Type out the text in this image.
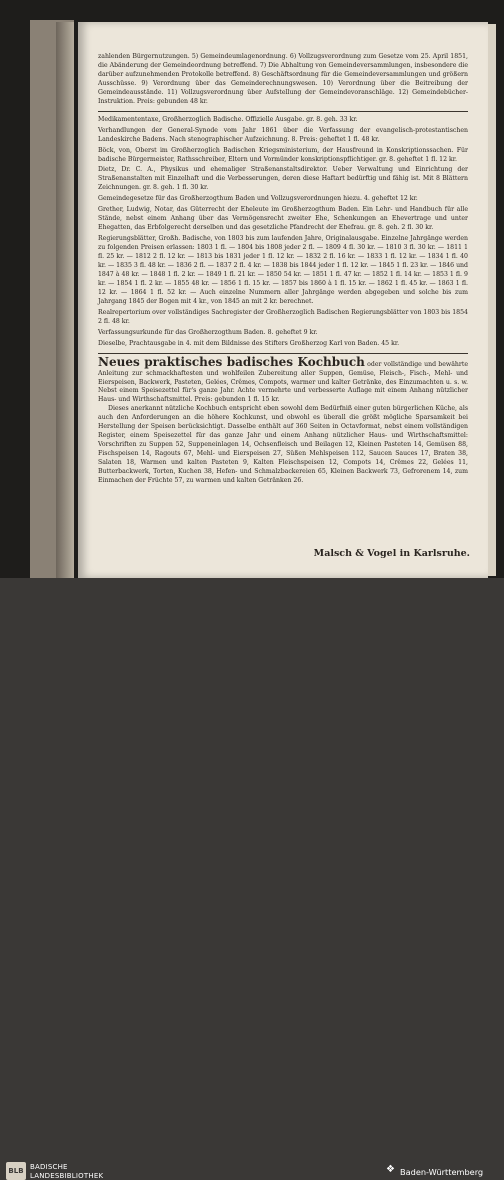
zahlenden Bürgernutzungen. 5) Gemeindeumlagenordnung. 6) Vollzugsverordnung zum Gesetze vom 25. April 1851, die Abänderung der Gemeindeordnung betreffend. 7) Die Abhaltung von Gemeindeversammlungen, insbesondere die darüber aufzunehmenden Protokolle betreffend. 8) Geschäftsordnung für die Gemeindeversammlungen und größern Ausschüsse. 9) Verordnung über das Gemeinderechnungswesen. 10) Verordnung über die Beitreibung der Gemeindeausstände. 11) Vollzugsverordnung über Aufstellung der Gemeindevoranschläge. 12) Gemeindebücher-Instruktion. Preis: gebunden 48 kr.

Medikamententaxe, Großherzoglich Badische. Offizielle Ausgabe. gr. 8. geh. 33 kr.

Verhandlungen der General-Synode vom Jahr 1861 über die Verfassung der evangelisch-protestantischen Landeskirche Badens. Nach stenographischer Aufzeichnung. 8. Preis: geheftet 1 fl. 48 kr.

Böck, von, Oberst im Großherzoglich Badischen Kriegsministerium, der Hausfreund in Konskriptionssachen. Für badische Bürgermeister, Rathsschreiber, Eltern und Vormünder konskriptionspflichtiger. gr. 8. geheftet 1 fl. 12 kr.

Dietz, Dr. C. A., Physikus und ehemaliger Straßenanstaltsdirektor. Ueber Verwaltung und Einrichtung der Straßenanstalten mit Einzelhaft und die Verbesserungen, deren diese Haftart bedürftig und fähig ist. Mit 8 Blättern Zeichnungen. gr. 8. geh. 1 fl. 30 kr.

Gemeindegesetze für das Großherzogthum Baden und Vollzugsverordnungen hiezu. 4. geheftet 12 kr.

Grether, Ludwig, Notar, das Güterrecht der Eheleute im Großherzogthum Baden. Ein Lehr- und Handbuch für alle Stände, nebst einem Anhang über das Vermögensrecht zweiter Ehe, Schenkungen an Ehevertrage und unter Ehegatten, das Erbfolgerecht derselben und das gesetzliche Pfandrecht der Ehefrau. gr. 8. geh. 2 fl. 30 kr.

Regierungsblätter, Großh. Badische, von 1803 bis zum laufenden Jahre, Originalausgabe. Einzelne Jahrgänge werden zu folgenden Preisen erlassen: 1803 1 fl. — 1804 bis 1808 jeder 2 fl. — 1809 4 fl. 30 kr. — 1810 3 fl. 30 kr. — 1811 1 fl. 25 kr. — 1812 2 fl. 12 kr. — 1813 bis 1831 jeder 1 fl. 12 kr. — 1832 2 fl. 16 kr. — 1833 1 fl. 12 kr. — 1834 1 fl. 40 kr. — 1835 3 fl. 48 kr. — 1836 2 fl. — 1837 2 fl. 4 kr. — 1838 bis 1844 jeder 1 fl. 12 kr. — 1845 1 fl. 23 kr. — 1846 und 1847 à 48 kr. — 1848 1 fl. 2 kr. — 1849 1 fl. 21 kr. — 1850 54 kr. — 1851 1 fl. 47 kr. — 1852 1 fl. 14 kr. — 1853 1 fl. 9 kr. — 1854 1 fl. 2 kr. — 1855 48 kr. — 1856 1 fl. 15 kr. — 1857 bis 1860 à 1 fl. 15 kr. — 1862 1 fl. 45 kr. — 1863 1 fl. 12 kr. — 1864 1 fl. 52 kr. — Auch einzelne Nummern aller Jahrgänge werden abgegeben und solche bis zum Jahrgang 1845 der Bogen mit 4 kr., von 1845 an mit 2 kr. berechnet.

Realrepertorium over vollständiges Sachregister der Großherzoglich Badischen Regierungsblätter von 1803 bis 1854 2 fl. 48 kr.

Verfassungsurkunde für das Großherzogthum Baden. 8. geheftet 9 kr.

Dieselbe, Prachtausgabe in 4. mit dem Bildnisse des Stifters Großherzog Karl von Baden. 45 kr.

Neues praktisches badisches Kochbuch oder vollständige und bewährte Anleitung zur schmackhaftesten und wohlfeilen Zubereitung aller Suppen, Gemüse, Fleisch-, Fisch-, Mehl- und Eierspeisen, Backwerk, Pasteten, Gelées, Crêmes, Compots, warmer und kalter Getränke, des Einzumachten u. s. w. Nebst einem Speisezettel für's ganze Jahr. Achte vermehrte und verbesserte Auflage mit einem Anhang nützlicher Haus- und Wirthschaftsmittel. Preis: gebunden 1 fl. 15 kr.

Dieses anerkannt nützliche Kochbuch entspricht eben sowohl dem Bedürfniß einer guten bürgerlichen Küche, als auch den Anforderungen an die höhere Kochkunst, und obwohl es überall die größt mögliche Sparsamkeit bei Herstellung der Speisen berücksichtigt. Dasselbe enthält auf 360 Seiten in Octavformat, nebst einem vollständigen Register, einem Speisezettel für das ganze Jahr und einem Anhang nützlicher Haus- und Wirthschaftsmittel: Vorschriften zu Suppen 52, Suppeneinlagen 14, Ochsenfleisch und Beilagen 12, Kleinen Pasteten 14, Gemüsen 88, Fischspeisen 14, Ragouts 67, Mehl- und Eierspeisen 27, Süßen Mehlspeisen 112, Saucen Sauces 17, Braten 38, Salaten 18, Warmen und kalten Pasteten 9, Kalten Fleischspeisen 12, Compots 14, Crêmes 22, Gelées 11, Butterbackwerk, Torten, Kuchen 38, Hefen- und Schmalzbackereien 65, Kleinen Backwerk 73, Gefrorenem 14, zum Einmachen der Früchte 57, zu warmen und kalten Getränken 26.

Malsch & Vogel in Karlsruhe.
BLB BADISCHE
LANDESBIBLIOTHEK
❖ Baden-Württemberg
